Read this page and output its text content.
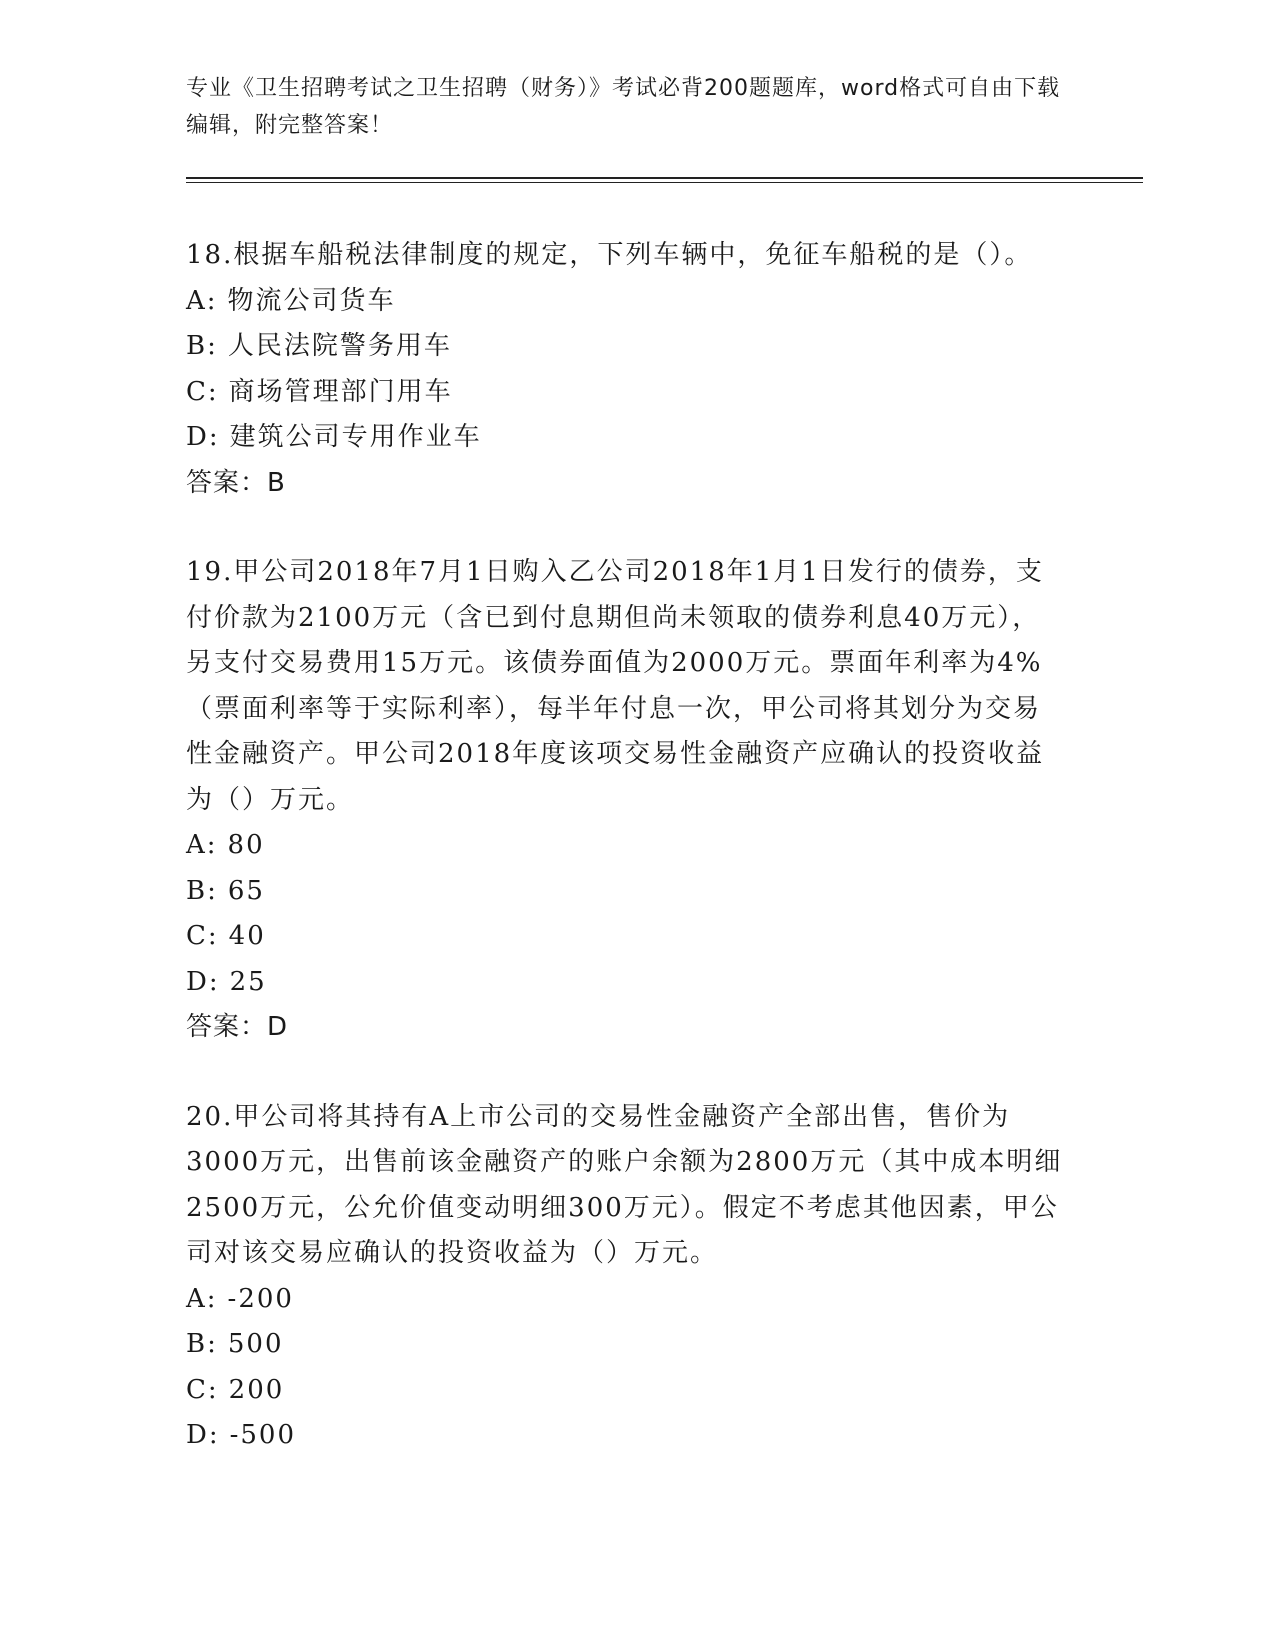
专业《卫生招聘考试之卫生招聘（财务）》考试必背200题题库，word格式可自由下载编辑，附完整答案！

18.根据车船税法律制度的规定，下列车辆中，免征车船税的是（）。

A: 物流公司货车

B: 人民法院警务用车

C: 商场管理部门用车

D: 建筑公司专用作业车

答案：B

19.甲公司2018年7月1日购入乙公司2018年1月1日发行的债券，支付价款为2100万元（含已到付息期但尚未领取的债券利息40万元），另支付交易费用15万元。该债券面值为2000万元。票面年利率为4%（票面利率等于实际利率），每半年付息一次，甲公司将其划分为交易性金融资产。甲公司2018年度该项交易性金融资产应确认的投资收益为（）万元。

A: 80

B: 65

C: 40

D: 25

答案：D

20.甲公司将其持有A上市公司的交易性金融资产全部出售，售价为3000万元，出售前该金融资产的账户余额为2800万元（其中成本明细2500万元，公允价值变动明细300万元）。假定不考虑其他因素，甲公司对该交易应确认的投资收益为（）万元。

A: -200

B: 500

C: 200

D: -500
